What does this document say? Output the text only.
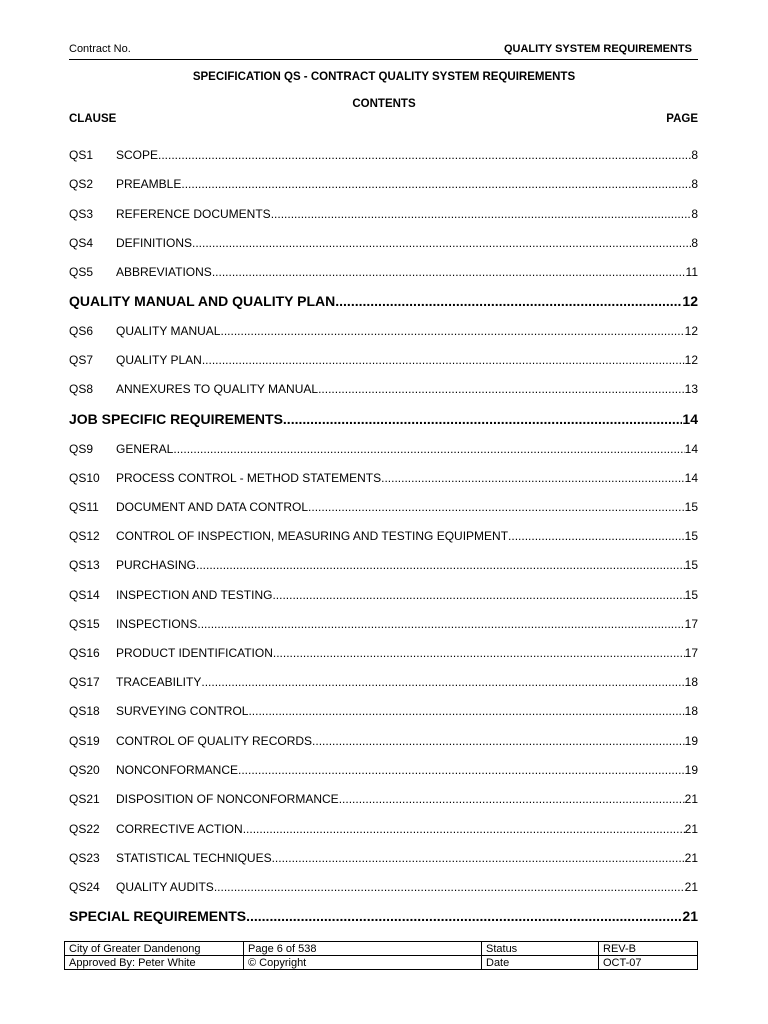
Contract No.	QUALITY SYSTEM REQUIREMENTS
SPECIFICATION QS - CONTRACT QUALITY SYSTEM REQUIREMENTS
CONTENTS
CLAUSE	PAGE
QS1	SCOPE .....	8
QS2	PREAMBLE .....	8
QS3	REFERENCE DOCUMENTS .....	8
QS4	DEFINITIONS .....	8
QS5	ABBREVIATIONS .....	11
QUALITY MANUAL AND QUALITY PLAN .....	12
QS6	QUALITY MANUAL .....	12
QS7	QUALITY PLAN .....	12
QS8	ANNEXURES TO QUALITY MANUAL .....	13
JOB SPECIFIC REQUIREMENTS .....	14
QS9	GENERAL .....	14
QS10	PROCESS CONTROL - METHOD STATEMENTS .....	14
QS11	DOCUMENT AND DATA CONTROL .....	15
QS12	CONTROL OF INSPECTION, MEASURING AND TESTING EQUIPMENT .....	15
QS13	PURCHASING .....	15
QS14	INSPECTION AND TESTING .....	15
QS15	INSPECTIONS .....	17
QS16	PRODUCT IDENTIFICATION .....	17
QS17	TRACEABILITY .....	18
QS18	SURVEYING CONTROL .....	18
QS19	CONTROL OF QUALITY RECORDS .....	19
QS20	NONCONFORMANCE .....	19
QS21	DISPOSITION OF NONCONFORMANCE .....	21
QS22	CORRECTIVE ACTION .....	21
QS23	STATISTICAL TECHNIQUES .....	21
QS24	QUALITY AUDITS .....	21
SPECIAL REQUIREMENTS .....	21
City of Greater Dandenong	Page 6 of 538	Status	REV-B
Approved By: Peter White	© Copyright	Date	OCT-07
